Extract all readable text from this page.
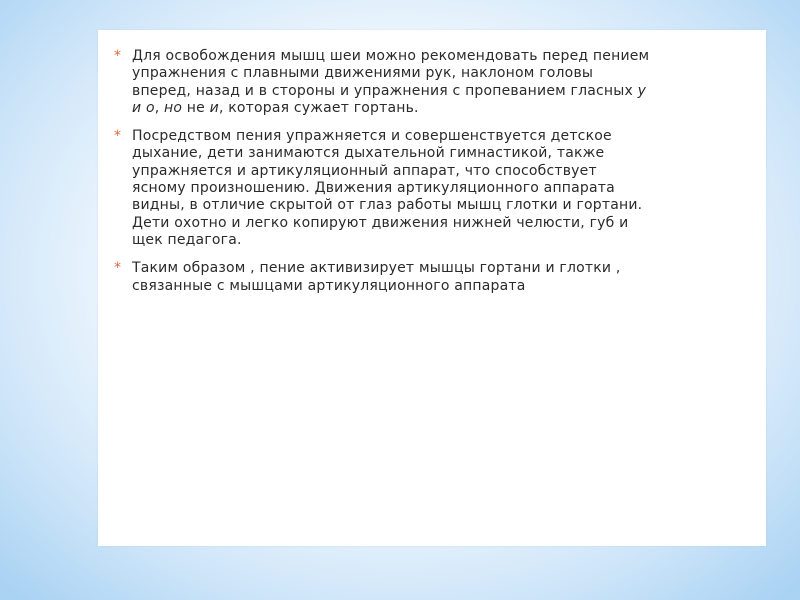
* Для освобождения мышц шеи можно рекомендовать перед пением упражнения с плавными движениями рук, наклоном головы вперед, назад и в стороны и упражнения с пропеванием гласных у и о, но не и, которая сужает гортань.
* Посредством пения упражняется и совершенствуется детское дыхание, дети занимаются дыхательной гимнастикой, также упражняется и артикуляционный аппарат, что способствует ясному произношению. Движения артикуляционного аппарата видны, в отличие скрытой от глаз работы мышц глотки и гортани. Дети охотно и легко копируют движения нижней челюсти, губ и щек педагога.
* Таким образом , пение активизирует мышцы гортани и глотки , связанные с мышцами артикуляционного аппарата
